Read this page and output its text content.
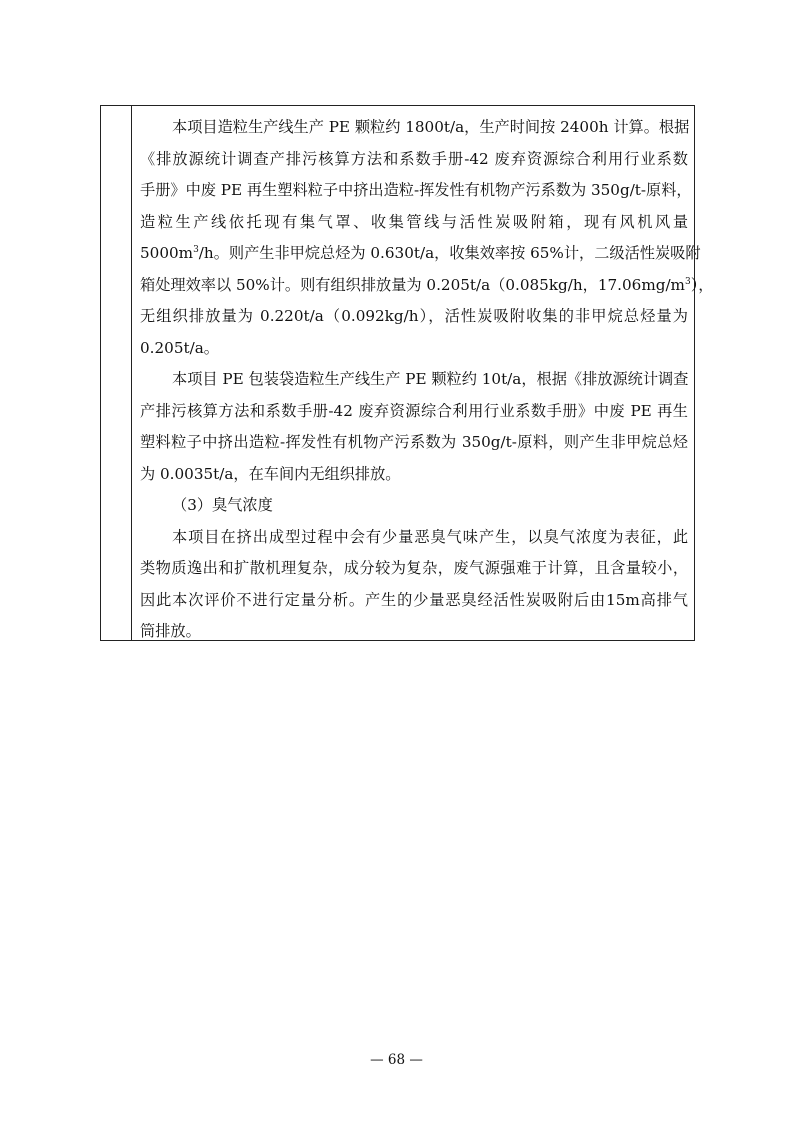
本项目造粒生产线生产 PE 颗粒约 1800t/a，生产时间按 2400h 计算。根据
《排放源统计调查产排污核算方法和系数手册-42 废弃资源综合利用行业系数
手册》中废 PE 再生塑料粒子中挤出造粒-挥发性有机物产污系数为 350g/t-原料，
造粒生产线依托现有集气罩、收集管线与活性炭吸附箱，现有风机风量
$5000m^3/h$。则产生非甲烷总烃为 0.630t/a，收集效率按 65%计，二级活性炭吸附
箱处理效率以 50%计。则有组织排放量为 0.205t/a（0.085kg/h，$17.06mg/m^3$），
无组织排放量为 0.220t/a（0.092kg/h），活性炭吸附收集的非甲烷总烃量为
0.205t/a。
本项目 PE 包装袋造粒生产线生产 PE 颗粒约 10t/a，根据《排放源统计调查
产排污核算方法和系数手册-42 废弃资源综合利用行业系数手册》中废 PE 再生
塑料粒子中挤出造粒-挥发性有机物产污系数为 350g/t-原料，则产生非甲烷总烃
为 0.0035t/a，在车间内无组织排放。
（3）臭气浓度
本项目在挤出成型过程中会有少量恶臭气味产生，以臭气浓度为表征，此
类物质逸出和扩散机理复杂，成分较为复杂，废气源强难于计算，且含量较小，
因此本次评价不进行定量分析。产生的少量恶臭经活性炭吸附后由15m高排气
筒排放。
— 68 —
